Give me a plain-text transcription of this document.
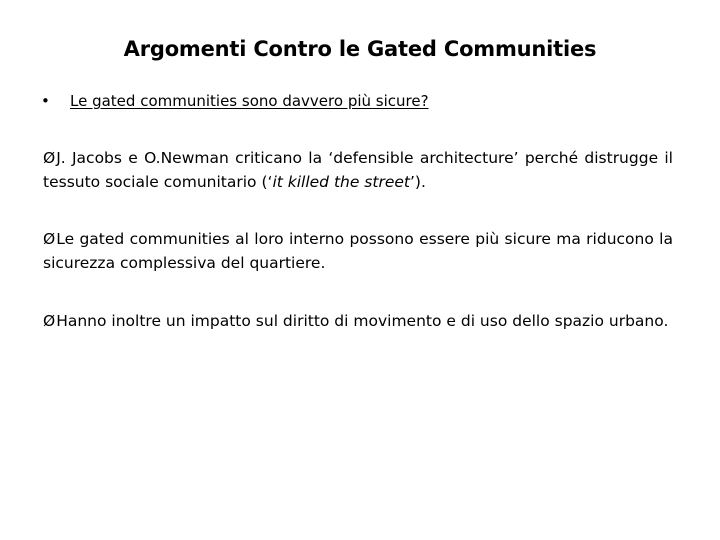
Argomenti Contro le Gated Communities
• Le gated communities sono davvero più sicure?
ØJ. Jacobs e O.Newman criticano la ‘defensible architecture’ perché distrugge il tessuto sociale comunitario (‘it killed the street’).
ØLe gated communities al loro interno possono essere più sicure ma riducono la sicurezza complessiva del quartiere.
ØHanno inoltre un impatto sul diritto di movimento e di uso dello spazio urbano.
